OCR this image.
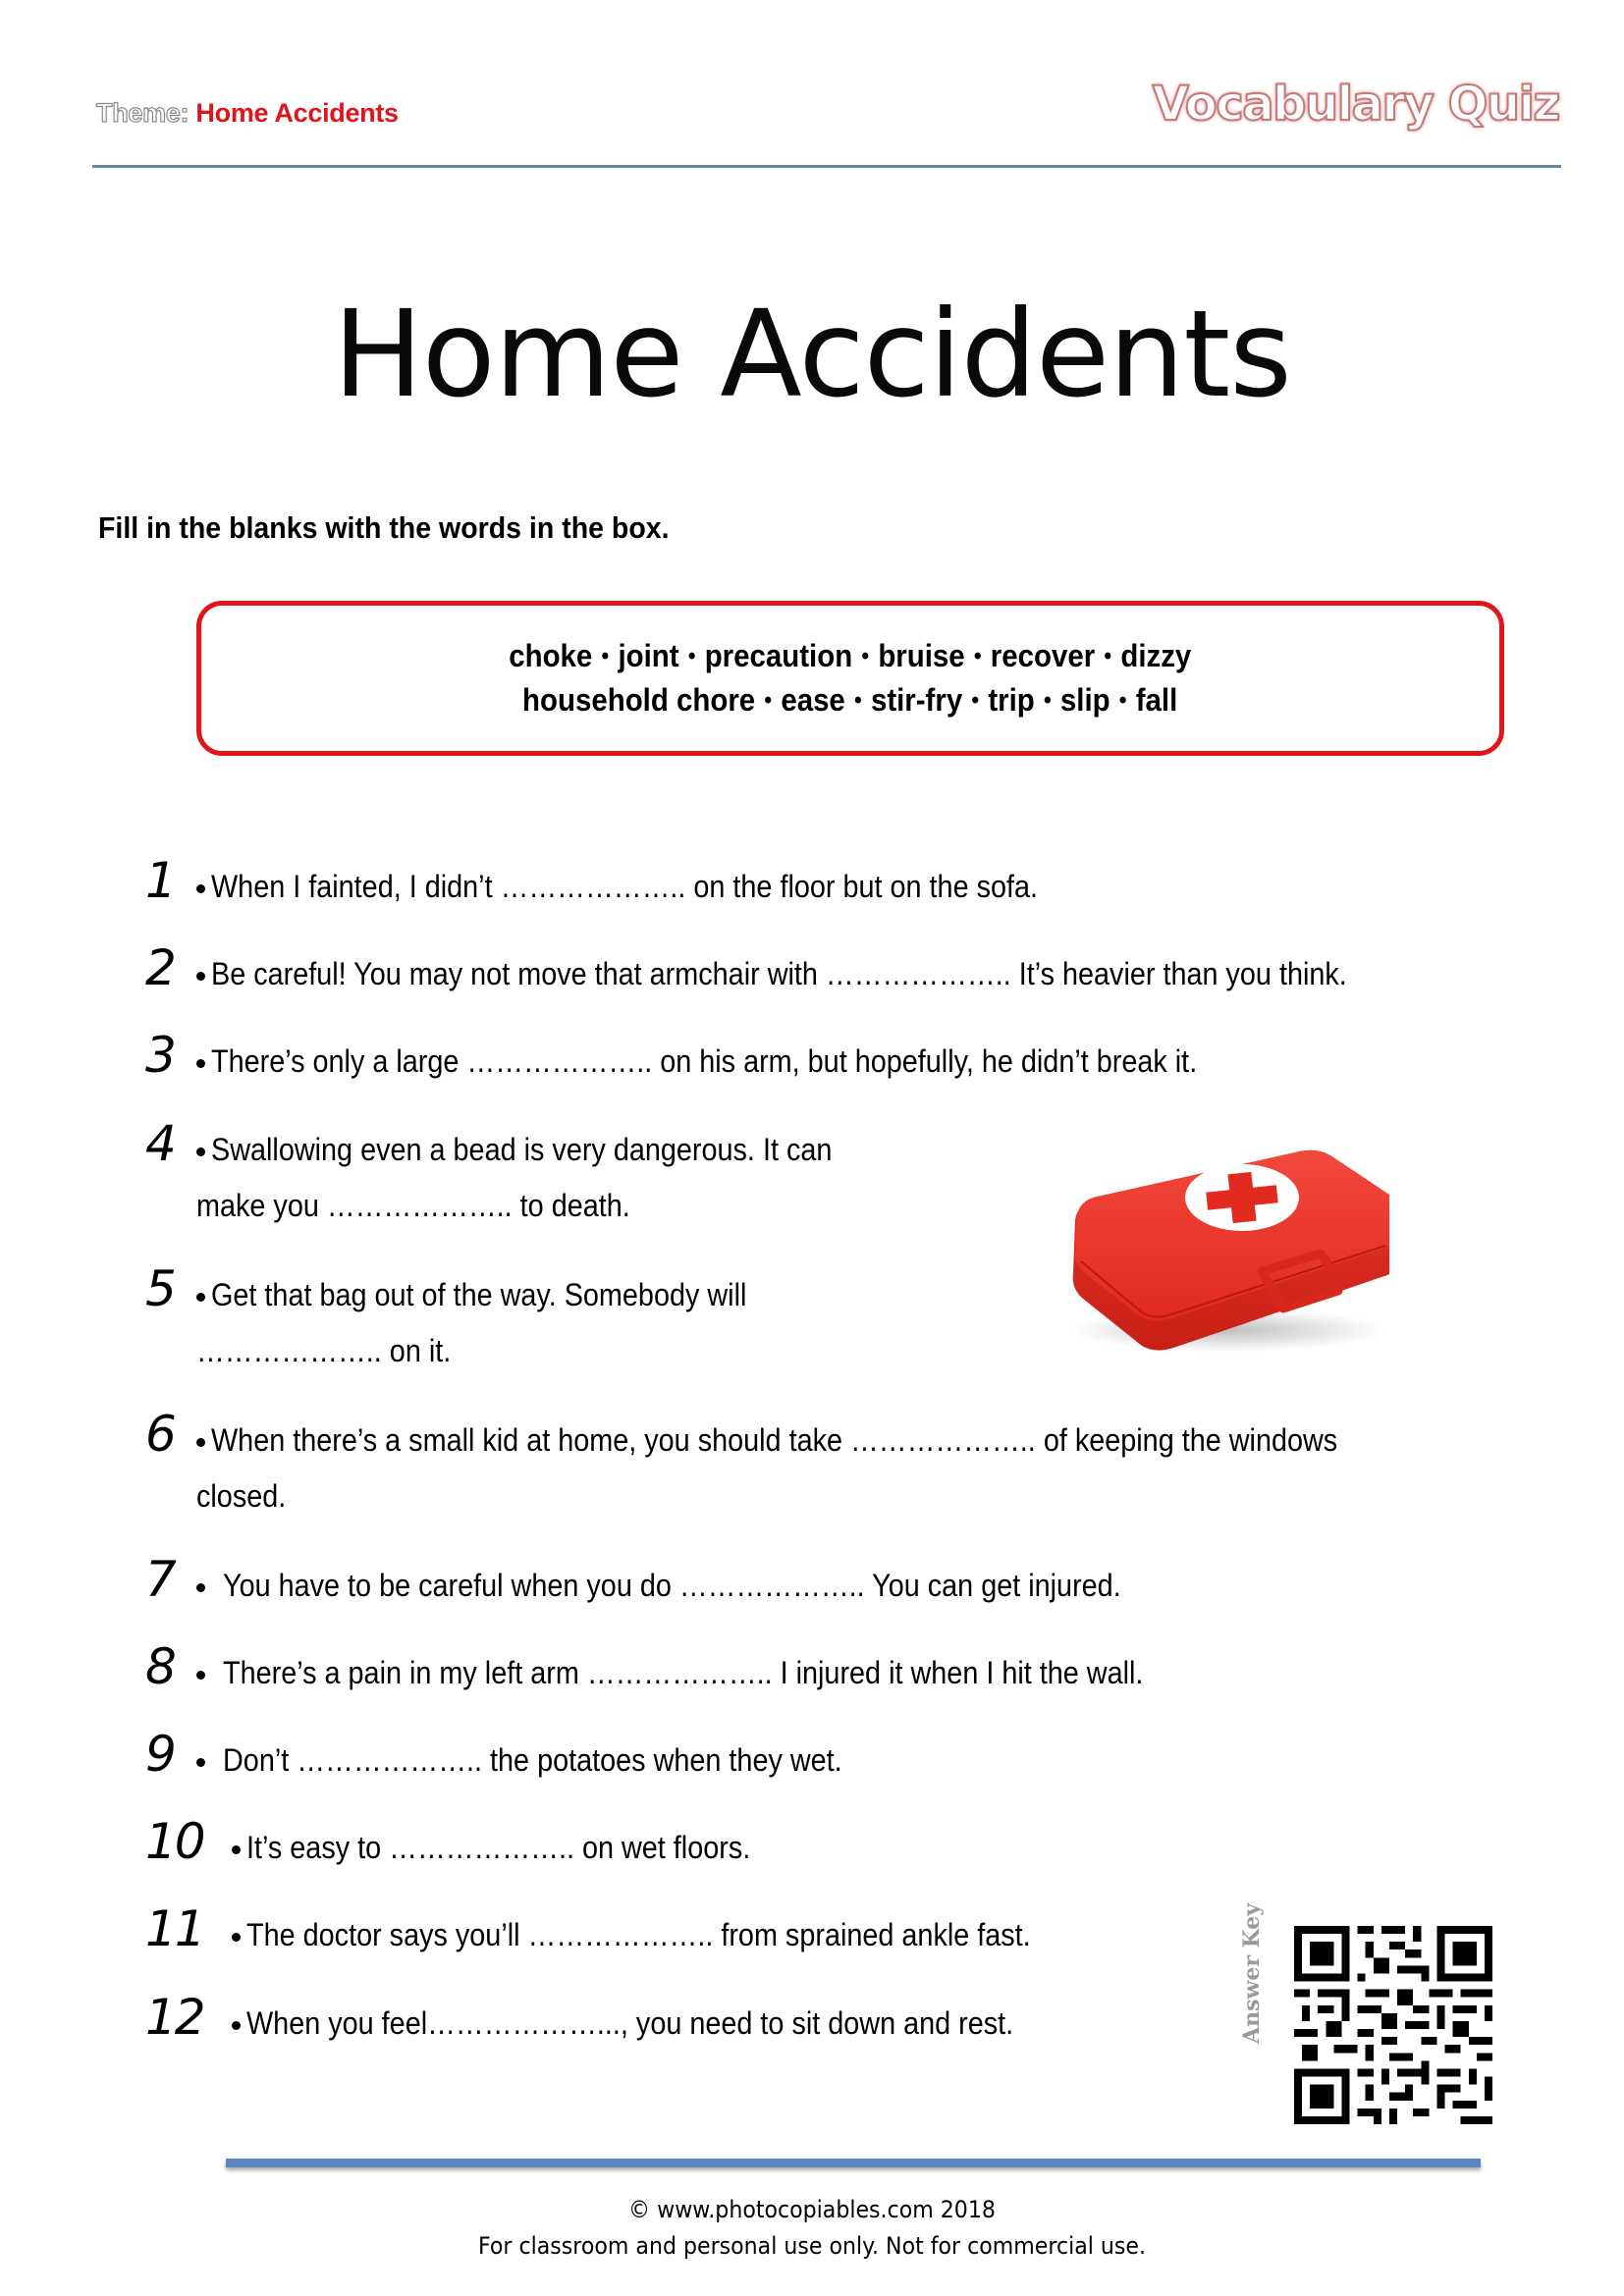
Theme: Home Accidents	Vocabulary Quiz
Home Accidents
Fill in the blanks with the words in the box.
choke • joint • precaution • bruise • recover • dizzy
household chore • ease • stir-fry • trip • slip • fall
1	When I fainted, I didn’t ……………….. on the floor but on the sofa.
2	Be careful! You may not move that armchair with ……………….. It’s heavier than you think.
3	There’s only a large ……………….. on his arm, but hopefully, he didn’t break it.
4	Swallowing even a bead is very dangerous. It can
make you ……………….. to death.
5	Get that bag out of the way. Somebody will
……………….. on it.
6	When there’s a small kid at home, you should take ……………….. of keeping the windows
closed.
7	You have to be careful when you do ……………….. You can get injured.
8	There’s a pain in my left arm ……………….. I injured it when I hit the wall.
9	Don’t ……………….. the potatoes when they wet.
10	It’s easy to ……………….. on wet floors.
11	The doctor says you’ll ……………….. from sprained ankle fast.
12	When you feel………………..., you need to sit down and rest.	Answer Key
© www.photocopiables.com 2018
For classroom and personal use only. Not for commercial use.
